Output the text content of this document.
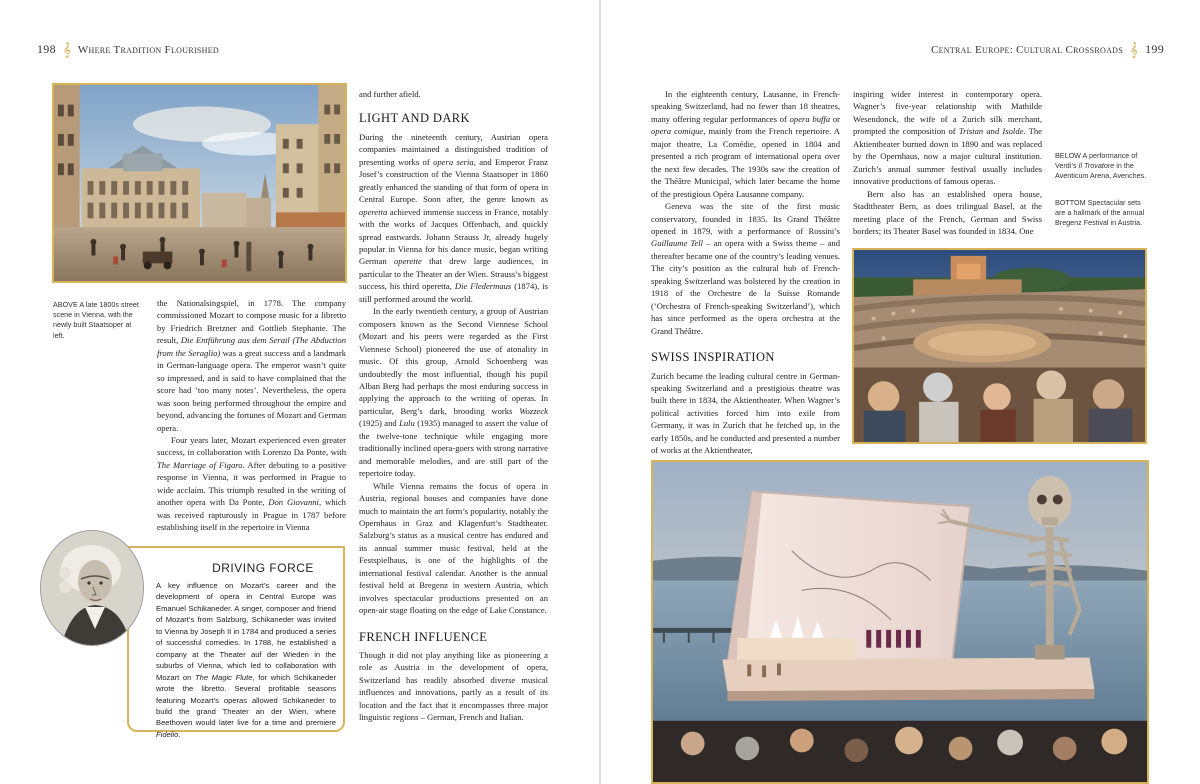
198 𝄞 Where Tradition Flourished	Central Europe: Cultural Crossroads 𝄞 199
ABOVE A late 1800s street scene in Vienna, with the newly built Staatsoper at left.

the Nationalsingspiel, in 1778. The company commissioned Mozart to compose music for a libretto by Friedrich Bretzner and Gottlieb Stephanie. The result, Die Entführung aus dem Serail (The Abduction from the Seraglio) was a great success and a landmark in German-language opera. The emperor wasn’t quite so impressed, and is said to have complained that the score had ‘too many notes’. Nevertheless, the opera was soon being performed throughout the empire and beyond, advancing the fortunes of Mozart and German opera.

Four years later, Mozart experienced even greater success, in collaboration with Lorenzo Da Ponte, with The Marriage of Figaro. After debuting to a positive response in Vienna, it was performed in Prague to wide acclaim. This triumph resulted in the writing of another opera with Da Ponte, Don Giovanni, which was received rapturously in Prague in 1787 before establishing itself in the repertoire in Vienna

DRIVING FORCE

A key influence on Mozart’s career and the development of opera in Central Europe was Emanuel Schikaneder. A singer, composer and friend of Mozart’s from Salzburg, Schikaneder was invited to Vienna by Joseph II in 1784 and produced a series of successful comedies. In 1788, he established a company at the Theater auf der Wieden in the suburbs of Vienna, which led to collaboration with Mozart on The Magic Flute, for which Schikaneder wrote the libretto. Several profitable seasons featuring Mozart’s operas allowed Schikaneder to build the grand Theater an der Wien, where Beethoven would later live for a time and premiere Fidelio.

and further afield.

LIGHT AND DARK

During the nineteenth century, Austrian opera companies maintained a distinguished tradition of presenting works of opera seria, and Emperor Franz Josef’s construction of the Vienna Staatsoper in 1860 greatly enhanced the standing of that form of opera in Central Europe. Soon after, the genre known as operetta achieved immense success in France, notably with the works of Jacques Offenbach, and quickly spread eastwards. Johann Strauss Jr, already hugely popular in Vienna for his dance music, began writing German operette that drew large audiences, in particular to the Theater an der Wien. Strauss’s biggest success, his third operetta, Die Fledermaus (1874), is still performed around the world.

In the early twentieth century, a group of Austrian composers known as the Second Viennese School (Mozart and his peers were regarded as the First Viennese School) pioneered the use of atonality in music. Of this group, Arnold Schoenberg was undoubtedly the most influential, though his pupil Alban Berg had perhaps the most enduring success in applying the approach to the writing of operas. In particular, Berg’s dark, brooding works Wozzeck (1925) and Lulu (1935) managed to assert the value of the twelve-tone technique while engaging more traditionally inclined opera-goers with strong narrative and memorable melodies, and are still part of the repertoire today.

While Vienna remains the focus of opera in Austria, regional houses and companies have done much to maintain the art form’s popularity, notably the Opernhaus in Graz and Klagenfurt’s Stadtheater. Salzburg’s status as a musical centre has endured and its annual summer music festival, held at the Festspielhaus, is one of the highlights of the international festival calendar. Another is the annual festival held at Bregenz in western Austria, which involves spectacular productions presented on an open-air stage floating on the edge of Lake Constance.

FRENCH INFLUENCE

Though it did not play anything like as pioneering a role as Austria in the development of opera, Switzerland has readily absorbed diverse musical influences and innovations, partly as a result of its location and the fact that it encompasses three major linguistic regions – German, French and Italian.

In the eighteenth century, Lausanne, in French-speaking Switzerland, had no fewer than 18 theatres, many offering regular performances of opera buffa or opera comique, mainly from the French repertoire. A major theatre, La Comédie, opened in 1804 and presented a rich program of international opera over the next few decades. The 1930s saw the creation of the Théâtre Municipal, which later became the home of the prestigious Opéra Lausanne company.

Geneva was the site of the first music conservatory, founded in 1835. Its Grand Théâtre opened in 1879, with a performance of Rossini’s Guillaume Tell – an opera with a Swiss theme – and thereafter became one of the country’s leading venues. The city’s position as the cultural hub of French-speaking Switzerland was bolstered by the creation in 1918 of the Orchestre de la Suisse Romande (‘Orchestra of French-speaking Switzerland’), which has since performed as the opera orchestra at the Grand Théâtre.

SWISS INSPIRATION

Zurich became the leading cultural centre in German-speaking Switzerland and a prestigious theatre was built there in 1834, the Aktientheater. When Wagner’s political activities forced him into exile from Germany, it was in Zurich that he fetched up, in the early 1850s, and he conducted and presented a number of works at the Aktientheater,

inspiring wider interest in contemporary opera. Wagner’s five-year relationship with Mathilde Wesendonck, the wife of a Zurich silk merchant, prompted the composition of Tristan and Isolde. The Aktientheater burned down in 1890 and was replaced by the Opernhaus, now a major cultural institution. Zurich’s annual summer festival usually includes innovative productions of famous operas.

Bern also has an established opera house, Stadttheater Bern, as does trilingual Basel, at the meeting place of the French, German and Swiss borders; its Theater Basel was founded in 1834. One

BELOW A performance of
Verdi’s Il Trovatore in the
Aventicum Arena, Avenches.
BOTTOM Spectacular sets are a hallmark of the annual Bregenz Festival in Austria.
